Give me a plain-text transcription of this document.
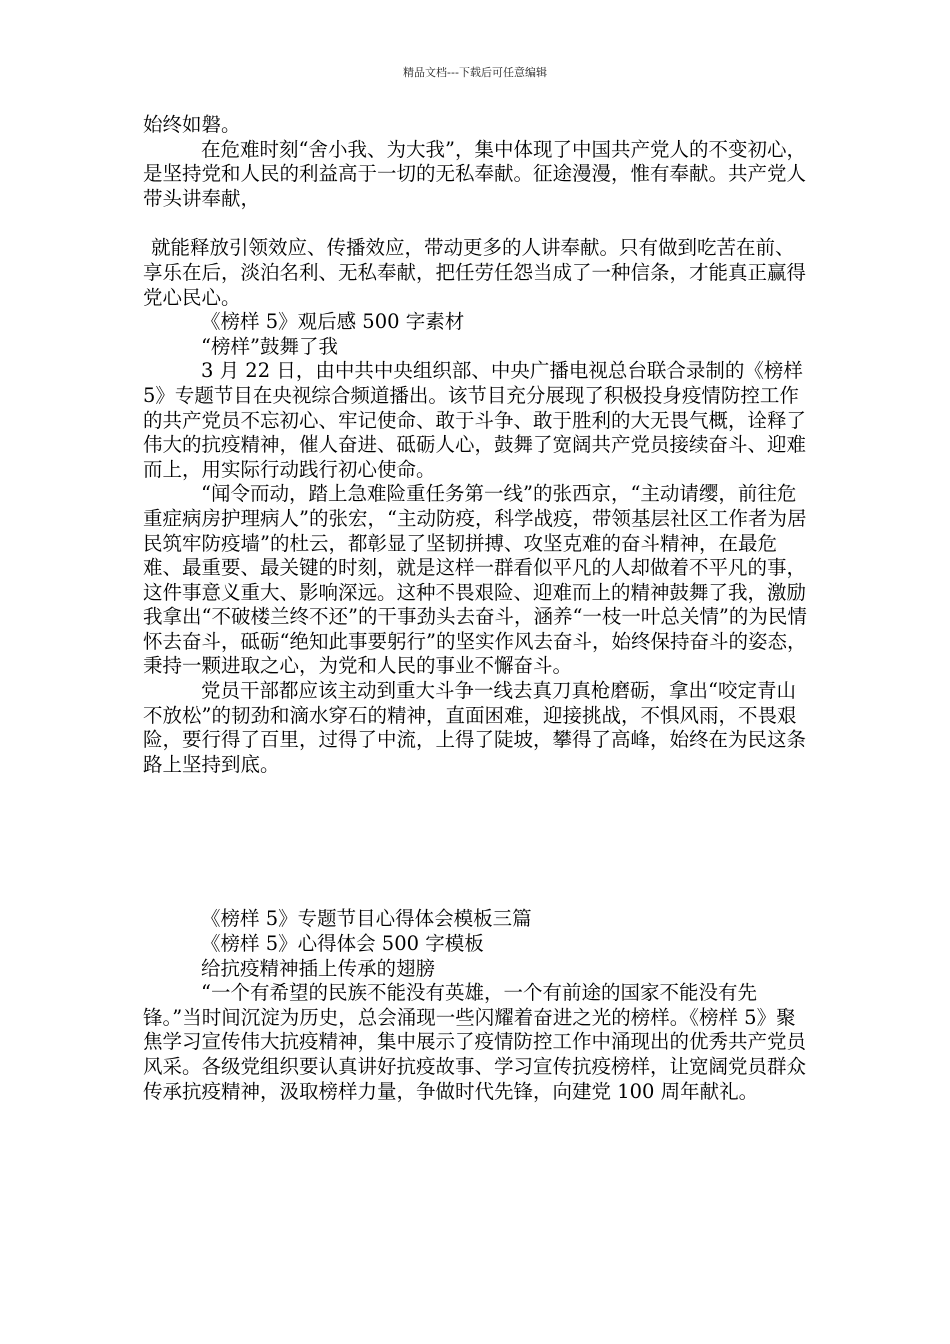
精品文档---下载后可任意编辑

始终如磐。

在危难时刻“舍小我、为大我”，集中体现了中国共产党人的不变初心，是坚持党和人民的利益高于一切的无私奉献。征途漫漫，惟有奉献。共产党人带头讲奉献，

就能释放引领效应、传播效应，带动更多的人讲奉献。只有做到吃苦在前、享乐在后，淡泊名利、无私奉献，把任劳任怨当成了一种信条，才能真正赢得党心民心。

《榜样 5》观后感 500 字素材

“榜样”鼓舞了我

3 月 22 日，由中共中央组织部、中央广播电视总台联合录制的《榜样 5》专题节目在央视综合频道播出。该节目充分展现了积极投身疫情防控工作的共产党员不忘初心、牢记使命、敢于斗争、敢于胜利的大无畏气概，诠释了伟大的抗疫精神，催人奋进、砥砺人心，鼓舞了宽阔共产党员接续奋斗、迎难而上，用实际行动践行初心使命。

“闻令而动，踏上急难险重任务第一线”的张西京，“主动请缨，前往危重症病房护理病人”的张宏，“主动防疫，科学战疫，带领基层社区工作者为居民筑牢防疫墙”的杜云，都彰显了坚韧拼搏、攻坚克难的奋斗精神，在最危难、最重要、最关键的时刻，就是这样一群看似平凡的人却做着不平凡的事，这件事意义重大、影响深远。这种不畏艰险、迎难而上的精神鼓舞了我，激励我拿出“不破楼兰终不还”的干事劲头去奋斗，涵养“一枝一叶总关情”的为民情怀去奋斗，砥砺“绝知此事要躬行”的坚实作风去奋斗，始终保持奋斗的姿态，秉持一颗进取之心，为党和人民的事业不懈奋斗。

党员干部都应该主动到重大斗争一线去真刀真枪磨砺，拿出“咬定青山不放松”的韧劲和滴水穿石的精神，直面困难，迎接挑战，不惧风雨，不畏艰险，要行得了百里，过得了中流，上得了陡坡，攀得了高峰，始终在为民这条路上坚持到底。

《榜样 5》专题节目心得体会模板三篇

《榜样 5》心得体会 500 字模板

给抗疫精神插上传承的翅膀

“一个有希望的民族不能没有英雄，一个有前途的国家不能没有先锋。”当时间沉淀为历史，总会涌现一些闪耀着奋进之光的榜样。《榜样 5》聚焦学习宣传伟大抗疫精神，集中展示了疫情防控工作中涌现出的优秀共产党员风采。各级党组织要认真讲好抗疫故事、学习宣传抗疫榜样，让宽阔党员群众传承抗疫精神，汲取榜样力量，争做时代先锋，向建党 100 周年献礼。
